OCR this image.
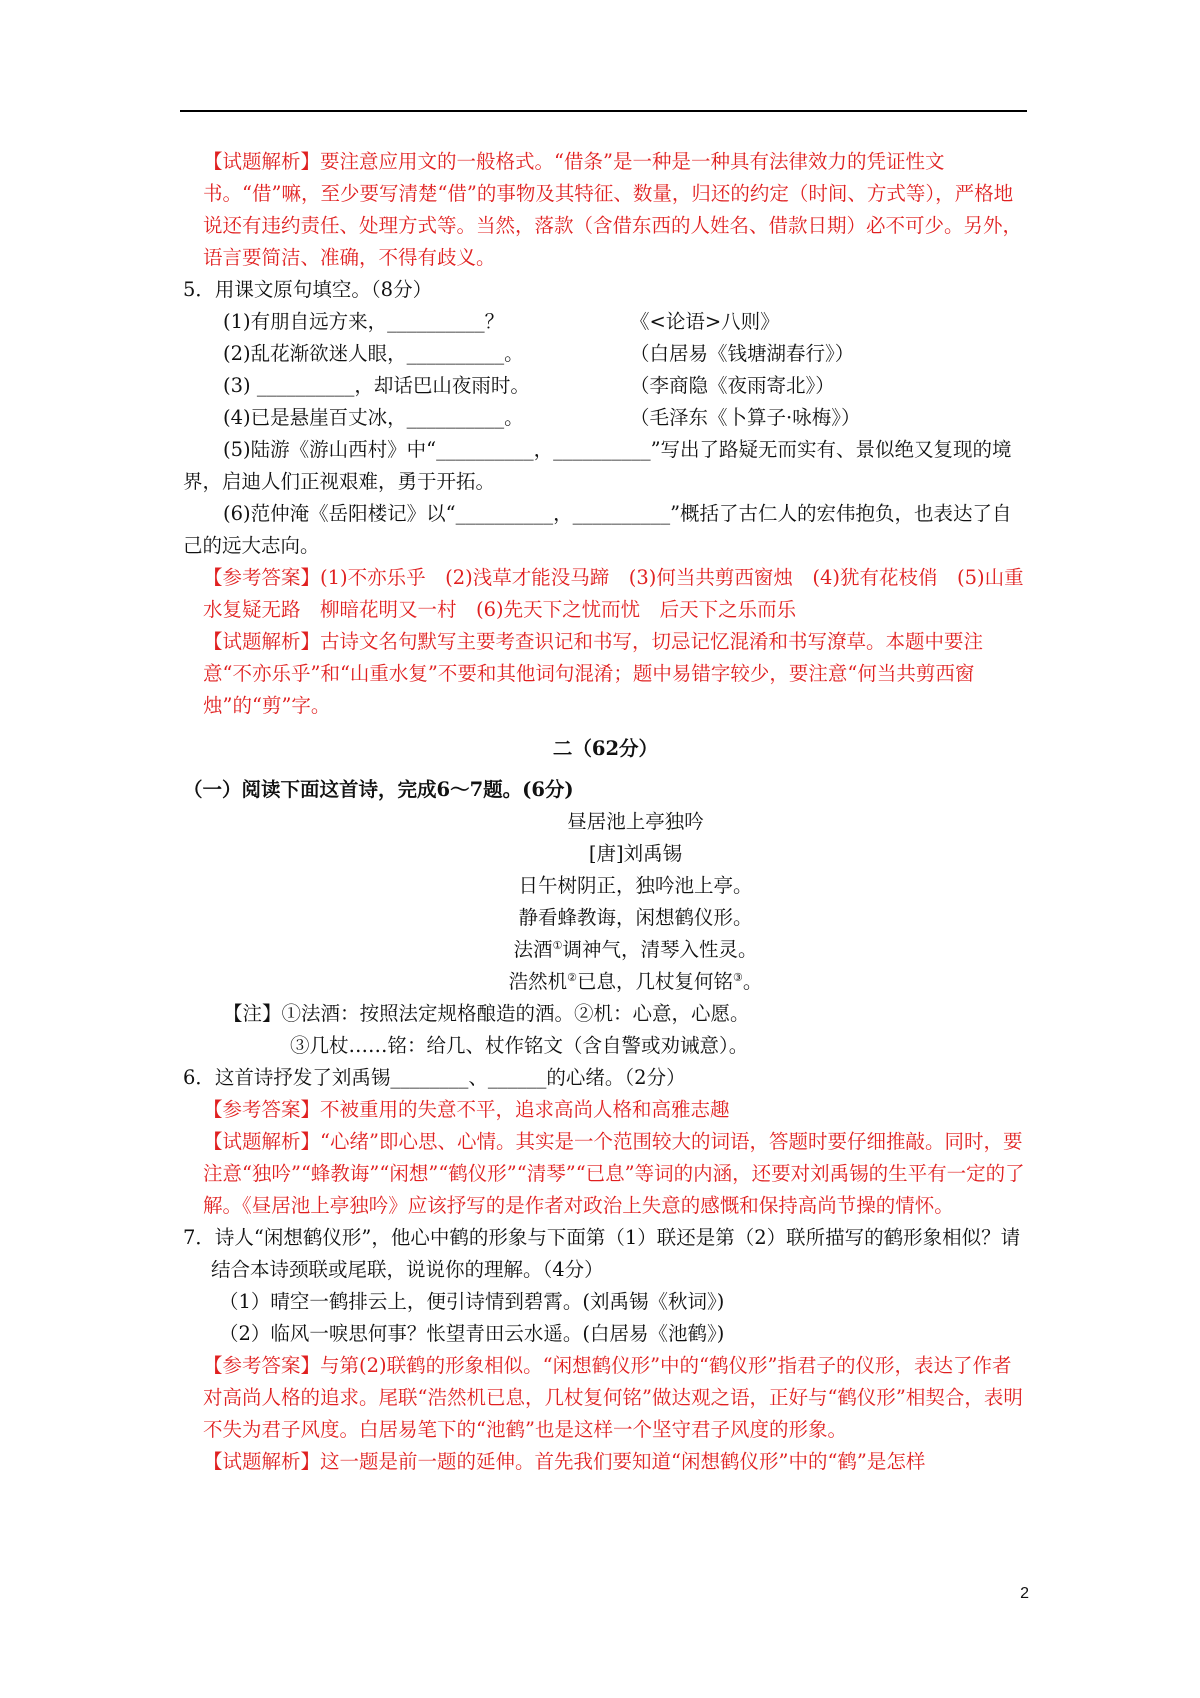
【试题解析】要注意应用文的一般格式。“借条”是一种是一种具有法律效力的凭证性文书。“借”嘛，至少要写清楚“借”的事物及其特征、数量，归还的约定（时间、方式等），严格地说还有违约责任、处理方式等。当然，落款（含借东西的人姓名、借款日期）必不可少。另外，语言要简洁、准确，不得有歧义。

5．用课文原句填空。（8分）

(1)有朋自远方来，__________？	《<论语>八则》
(2)乱花渐欲迷人眼，__________。	（白居易《钱塘湖春行》）
(3) __________，却话巴山夜雨时。	（李商隐《夜雨寄北》）
(4)已是悬崖百丈冰，__________。	（毛泽东《卜算子·咏梅》）

(5)陆游《游山西村》中“__________，__________”写出了路疑无而实有、景似绝又复现的境界，启迪人们正视艰难，勇于开拓。

(6)范仲淹《岳阳楼记》以“__________，__________”概括了古仁人的宏伟抱负，也表达了自己的远大志向。

【参考答案】(1)不亦乐乎　(2)浅草才能没马蹄　(3)何当共剪西窗烛　(4)犹有花枝俏　(5)山重水复疑无路　柳暗花明又一村　(6)先天下之忧而忧　后天下之乐而乐

【试题解析】古诗文名句默写主要考查识记和书写，切忌记忆混淆和书写潦草。本题中要注意“不亦乐乎”和“山重水复”不要和其他词句混淆；题中易错字较少，要注意“何当共剪西窗烛”的“剪”字。

二（62分）

（一）阅读下面这首诗，完成6～7题。(6分)

昼居池上亭独吟

[唐]刘禹锡

日午树阴正，独吟池上亭。

静看蜂教诲，闲想鹤仪形。

法酒①调神气，清琴入性灵。

浩然机②已息，几杖复何铭③。

【注】①法酒：按照法定规格酿造的酒。②机：心意，心愿。

③几杖……铭：给几、杖作铭文（含自警或劝诫意）。

6．这首诗抒发了刘禹锡________、______的心绪。（2分）

【参考答案】不被重用的失意不平，追求高尚人格和高雅志趣

【试题解析】“心绪”即心思、心情。其实是一个范围较大的词语，答题时要仔细推敲。同时，要注意“独吟”“蜂教诲”“闲想”“鹤仪形”“清琴”“已息”等词的内涵，还要对刘禹锡的生平有一定的了解。《昼居池上亭独吟》应该抒写的是作者对政治上失意的感慨和保持高尚节操的情怀。

7．诗人“闲想鹤仪形”，他心中鹤的形象与下面第（1）联还是第（2）联所描写的鹤形象相似？请结合本诗颈联或尾联，说说你的理解。（4分）

（1）晴空一鹤排云上，便引诗情到碧霄。(刘禹锡《秋词》)

（2）临风一唳思何事？怅望青田云水遥。(白居易《池鹤》)

【参考答案】与第(2)联鹤的形象相似。“闲想鹤仪形”中的“鹤仪形”指君子的仪形，表达了作者对高尚人格的追求。尾联“浩然机已息，几杖复何铭”做达观之语，正好与“鹤仪形”相契合，表明不失为君子风度。白居易笔下的“池鹤”也是这样一个坚守君子风度的形象。

【试题解析】这一题是前一题的延伸。首先我们要知道“闲想鹤仪形”中的“鹤”是怎样

2
